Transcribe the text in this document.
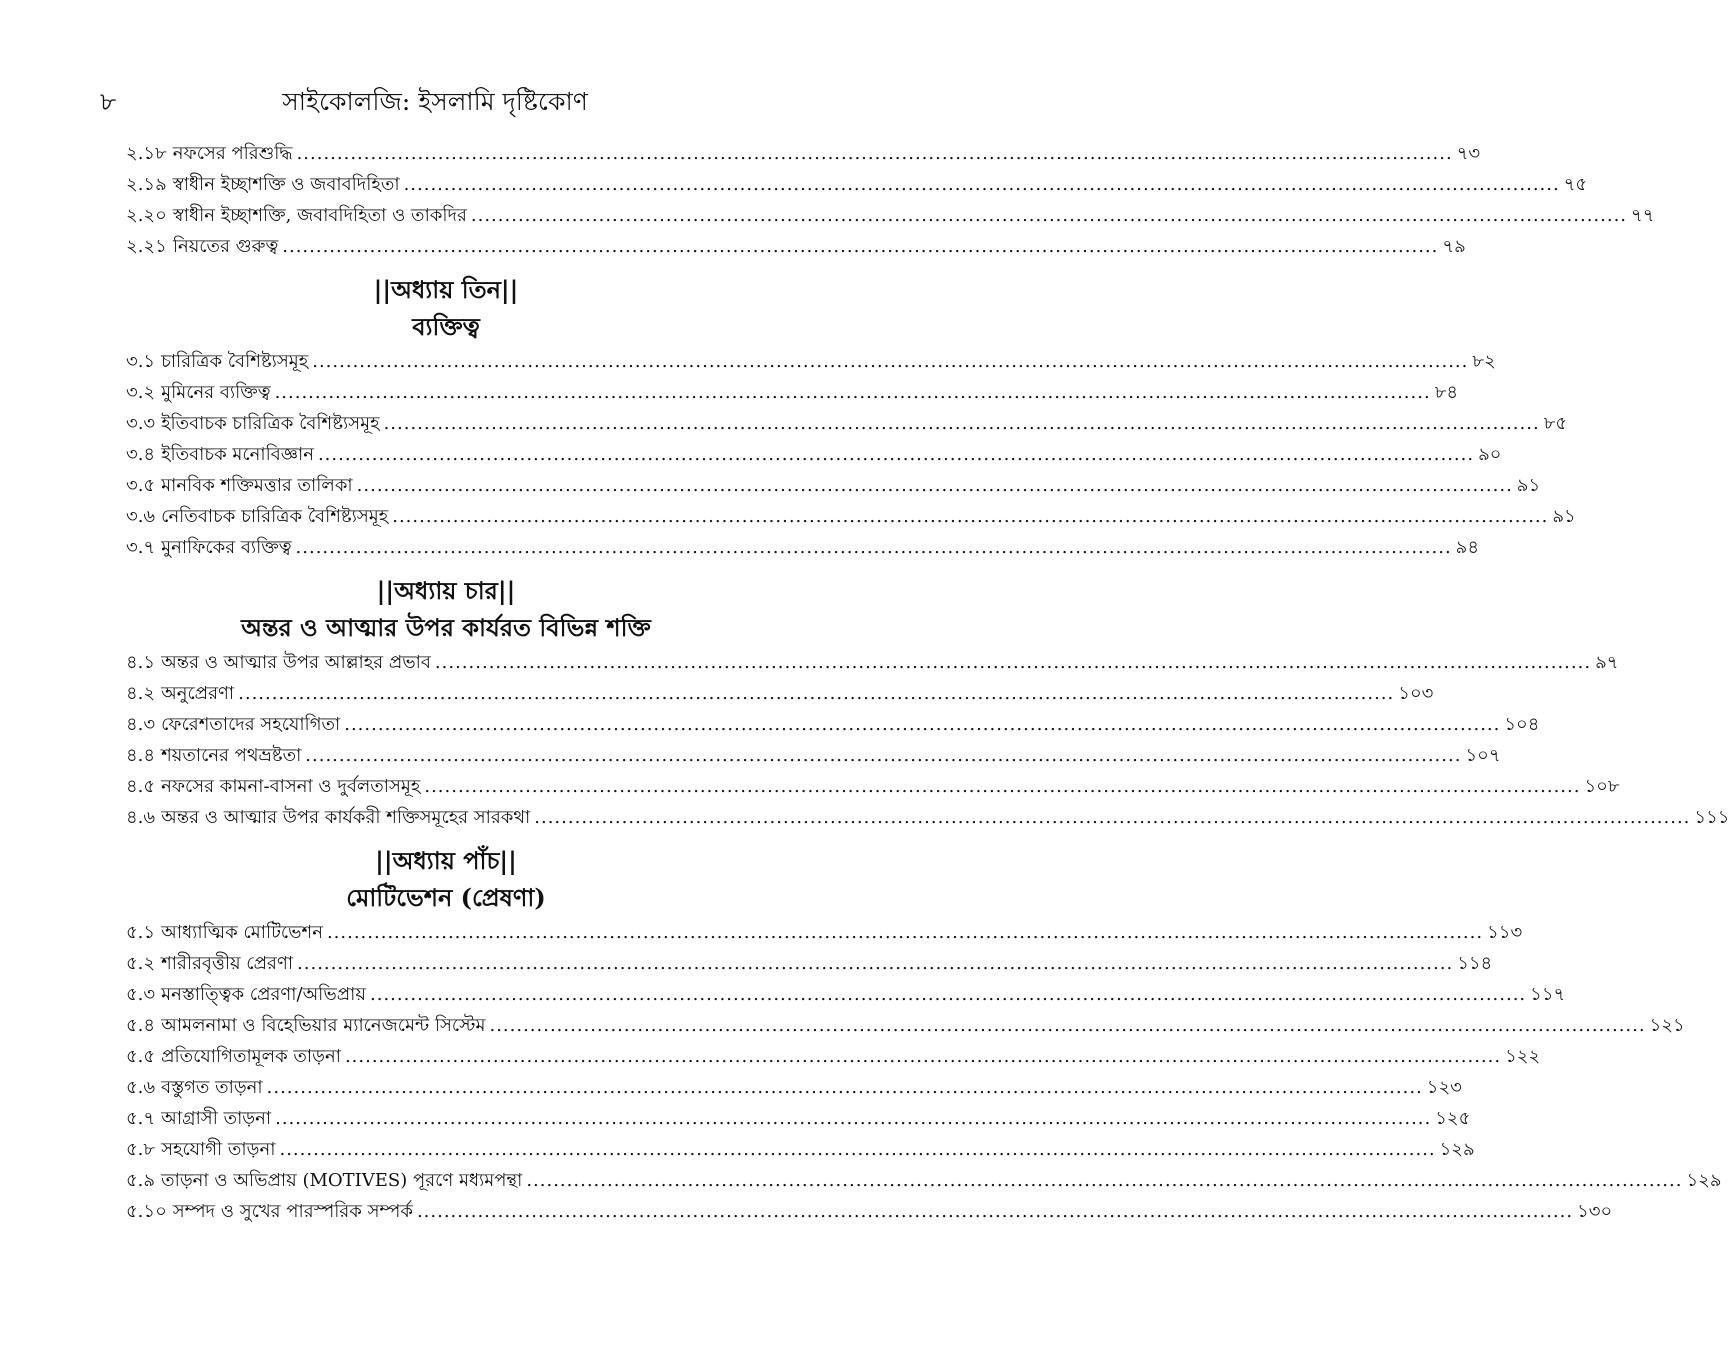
৮	সাইকোলজি: ইসলামি দৃষ্টিকোণ
২.১৮ নফসের পরিশুদ্ধি .....	৭৩
২.১৯ স্বাধীন ইচ্ছাশক্তি ও জবাবদিহিতা .....	৭৫
২.২০ স্বাধীন ইচ্ছাশক্তি, জবাবদিহিতা ও তাকদির .....	৭৭
২.২১ নিয়তের গুরুত্ব .....	৭৯
||অধ্যায় তিন||
ব্যক্তিত্ব
৩.১ চারিত্রিক বৈশিষ্ট্যসমূহ .....	৮২
৩.২ মুমিনের ব্যক্তিত্ব .....	৮৪
৩.৩ ইতিবাচক চারিত্রিক বৈশিষ্ট্যসমূহ .....	৮৫
৩.৪ ইতিবাচক মনোবিজ্ঞান .....	৯০
৩.৫ মানবিক শক্তিমত্তার তালিকা .....	৯১
৩.৬ নেতিবাচক চারিত্রিক বৈশিষ্ট্যসমূহ .....	৯১
৩.৭ মুনাফিকের ব্যক্তিত্ব .....	৯৪
||অধ্যায় চার||
অন্তর ও আত্মার উপর কার্যরত বিভিন্ন শক্তি
৪.১ অন্তর ও আত্মার উপর আল্লাহর প্রভাব .....	৯৭
৪.২ অনুপ্রেরণা .....	১০৩
৪.৩ ফেরেশতাদের সহযোগিতা .....	১০৪
৪.৪ শয়তানের পথভ্রষ্টতা .....	১০৭
৪.৫ নফসের কামনা-বাসনা ও দুর্বলতাসমূহ .....	১০৮
৪.৬ অন্তর ও আত্মার উপর কার্যকরী শক্তিসমূহের সারকথা .....	১১১
||অধ্যায় পাঁচ||
মোটিভেশন (প্রেষণা)
৫.১ আধ্যাত্মিক মোটিভেশন .....	১১৩
৫.২ শারীরবৃত্তীয় প্রেরণা .....	১১৪
৫.৩ মনস্তাত্ত্বিক প্রেরণা/অভিপ্রায় .....	১১৭
৫.৪ আমলনামা ও বিহেভিয়ার ম্যানেজমেন্ট সিস্টেম .....	১২১
৫.৫ প্রতিযোগিতামূলক তাড়না .....	১২২
৫.৬ বস্তুগত তাড়না .....	১২৩
৫.৭ আগ্রাসী তাড়না .....	১২৫
৫.৮ সহযোগী তাড়না .....	১২৯
৫.৯ তাড়না ও অভিপ্রায় (MOTIVES) পূরণে মধ্যমপন্থা .....	১২৯
৫.১০ সম্পদ ও সুখের পারস্পরিক সম্পর্ক .....	১৩০
